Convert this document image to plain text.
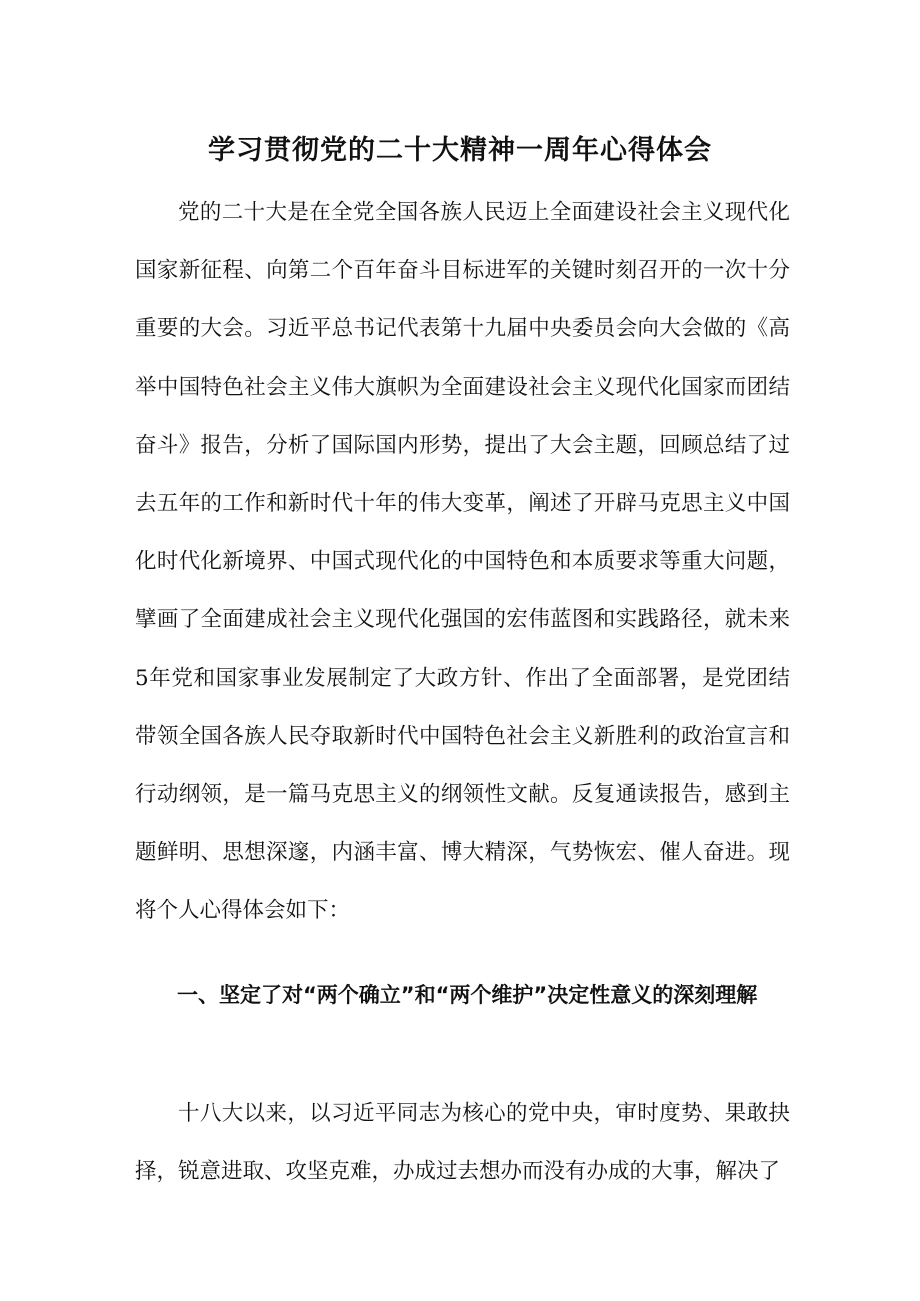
学习贯彻党的二十大精神一周年心得体会

党的二十大是在全党全国各族人民迈上全面建设社会主义现代化国家新征程、向第二个百年奋斗目标进军的关键时刻召开的一次十分重要的大会。习近平总书记代表第十九届中央委员会向大会做的《高举中国特色社会主义伟大旗帜为全面建设社会主义现代化国家而团结奋斗》报告，分析了国际国内形势，提出了大会主题，回顾总结了过去五年的工作和新时代十年的伟大变革，阐述了开辟马克思主义中国化时代化新境界、中国式现代化的中国特色和本质要求等重大问题，擘画了全面建成社会主义现代化强国的宏伟蓝图和实践路径，就未来5年党和国家事业发展制定了大政方针、作出了全面部署，是党团结带领全国各族人民夺取新时代中国特色社会主义新胜利的政治宣言和行动纲领，是一篇马克思主义的纲领性文献。反复通读报告，感到主题鲜明、思想深邃，内涵丰富、博大精深，气势恢宏、催人奋进。现将个人心得体会如下：

一、坚定了对“两个确立”和“两个维护”决定性意义的深刻理解

十八大以来，以习近平同志为核心的党中央，审时度势、果敢抉择，锐意进取、攻坚克难，办成过去想办而没有办成的大事，解决了
